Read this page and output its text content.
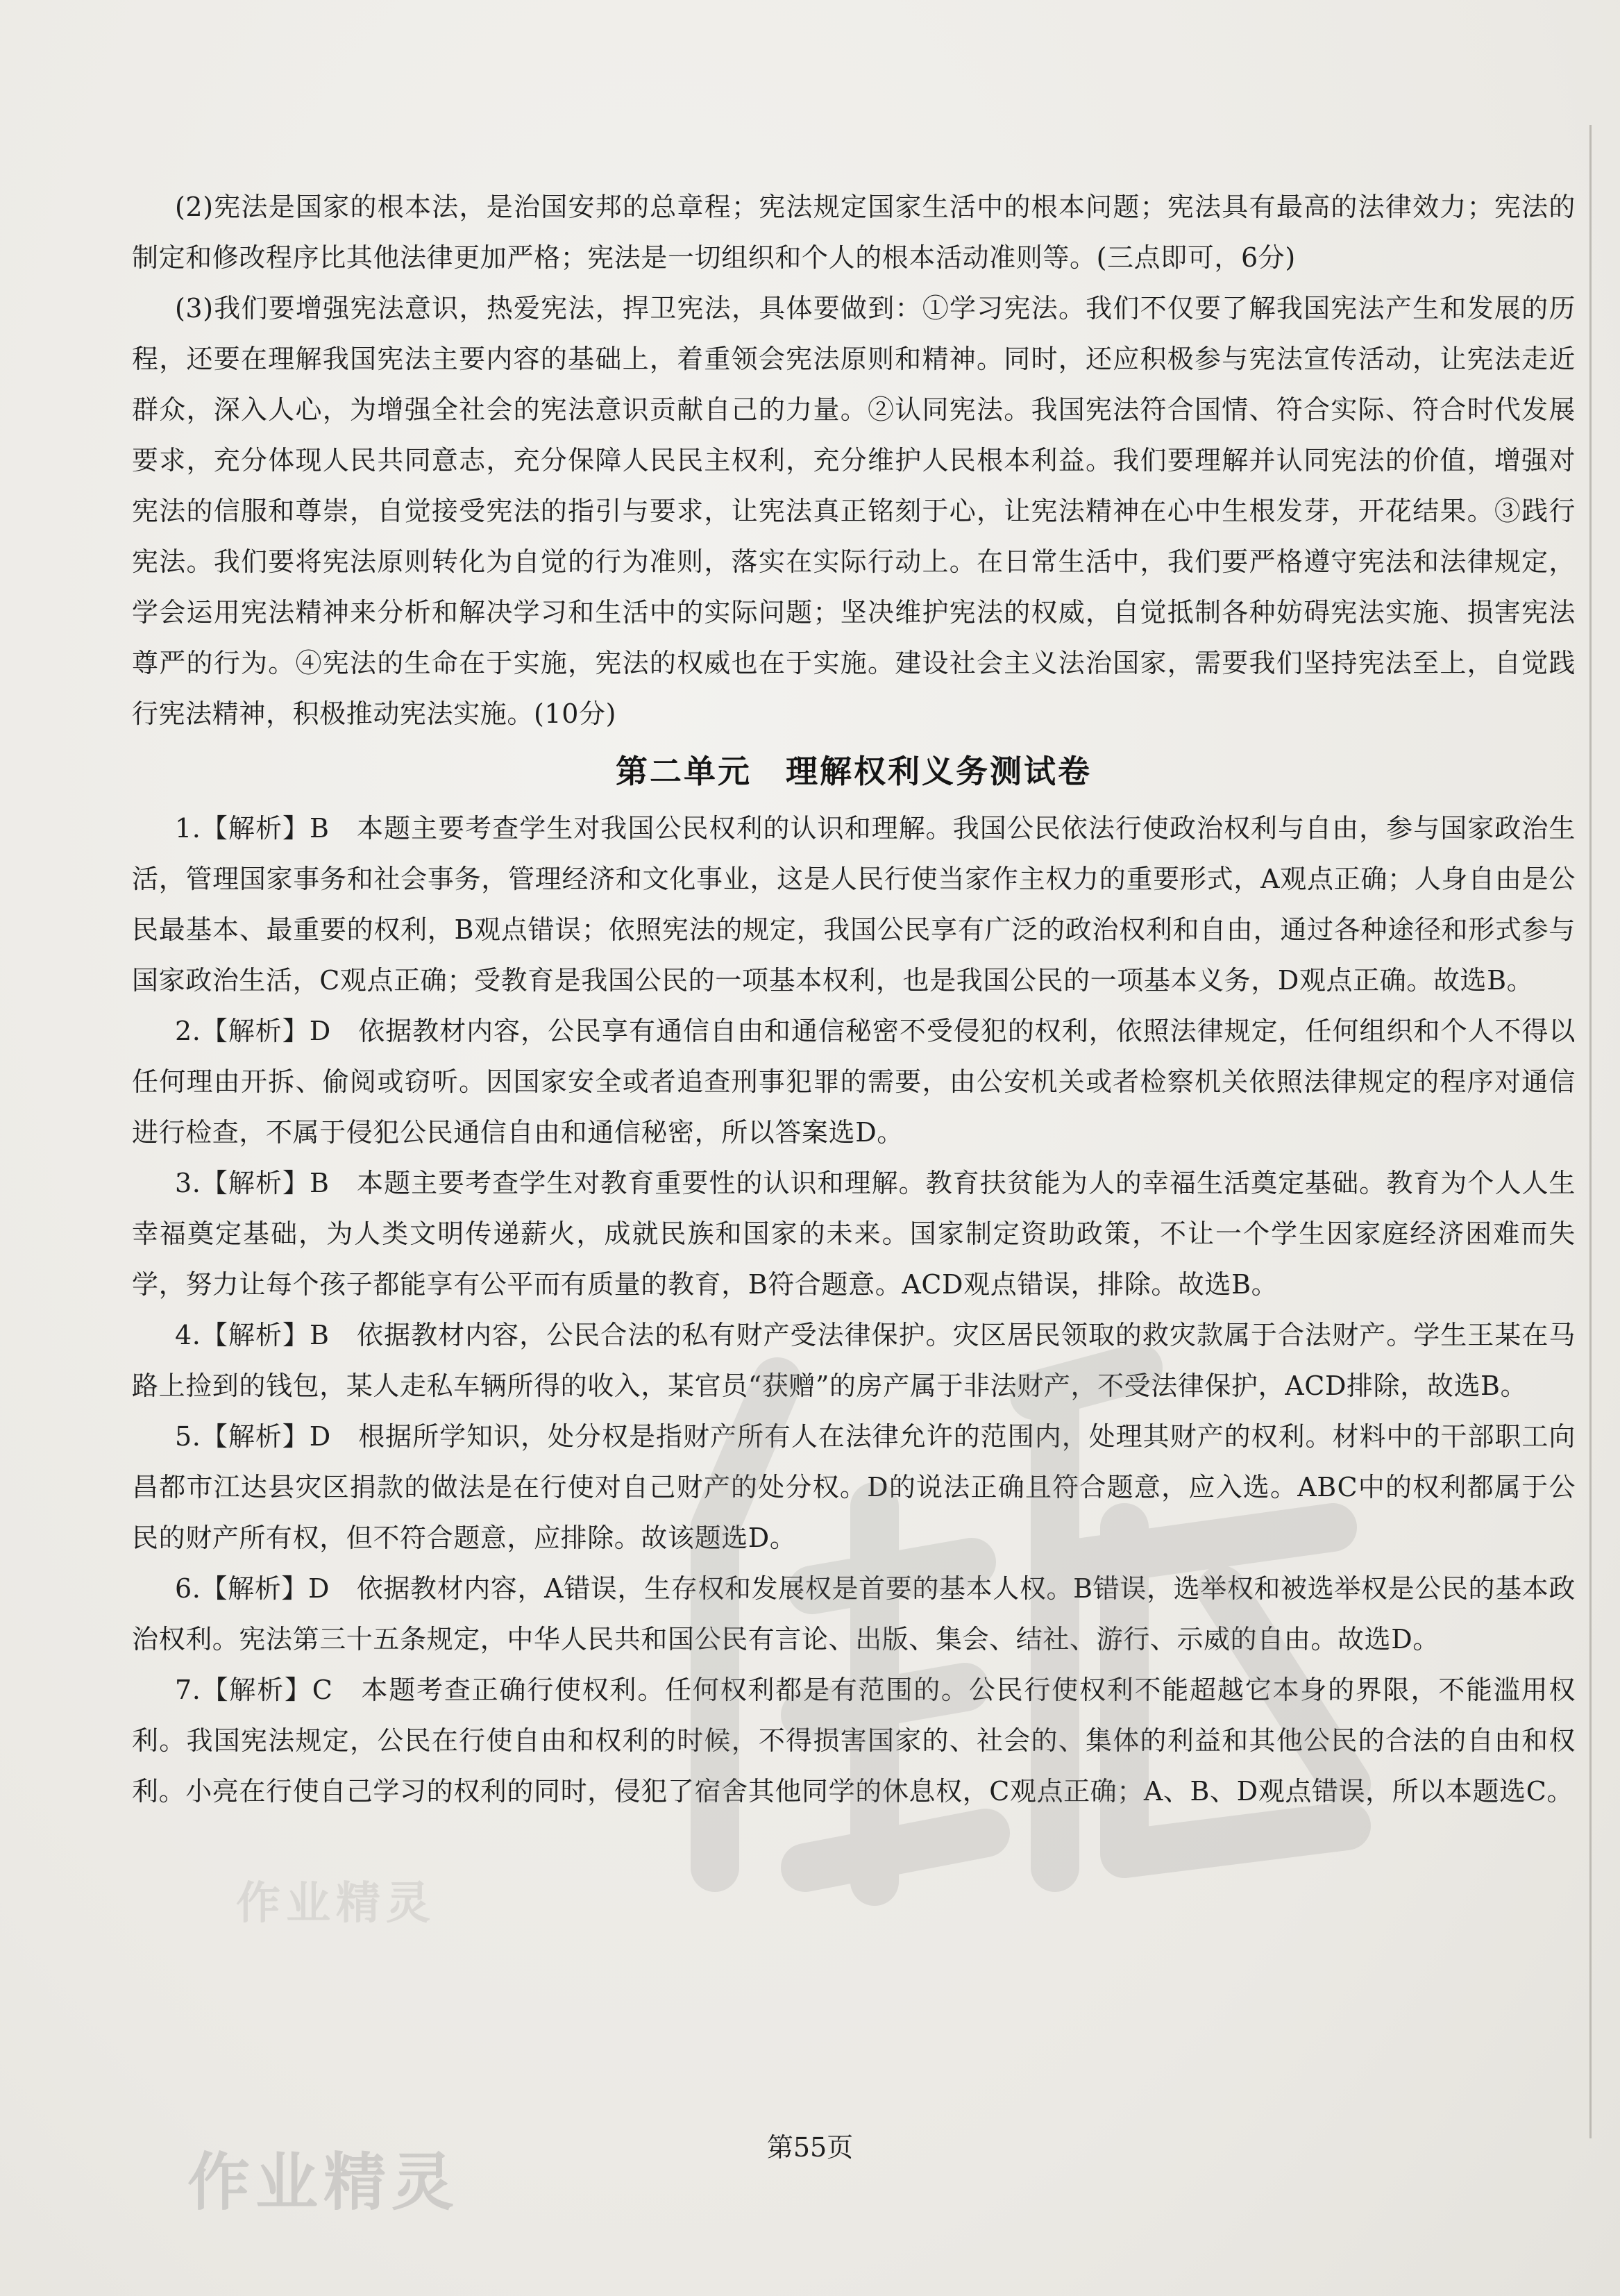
(2)宪法是国家的根本法，是治国安邦的总章程；宪法规定国家生活中的根本问题；宪法具有最高的法律效力；宪法的制定和修改程序比其他法律更加严格；宪法是一切组织和个人的根本活动准则等。(三点即可，6分)

(3)我们要增强宪法意识，热爱宪法，捍卫宪法，具体要做到：①学习宪法。我们不仅要了解我国宪法产生和发展的历程，还要在理解我国宪法主要内容的基础上，着重领会宪法原则和精神。同时，还应积极参与宪法宣传活动，让宪法走近群众，深入人心，为增强全社会的宪法意识贡献自己的力量。②认同宪法。我国宪法符合国情、符合实际、符合时代发展要求，充分体现人民共同意志，充分保障人民民主权利，充分维护人民根本利益。我们要理解并认同宪法的价值，增强对宪法的信服和尊崇，自觉接受宪法的指引与要求，让宪法真正铭刻于心，让宪法精神在心中生根发芽，开花结果。③践行宪法。我们要将宪法原则转化为自觉的行为准则，落实在实际行动上。在日常生活中，我们要严格遵守宪法和法律规定，学会运用宪法精神来分析和解决学习和生活中的实际问题；坚决维护宪法的权威，自觉抵制各种妨碍宪法实施、损害宪法尊严的行为。④宪法的生命在于实施，宪法的权威也在于实施。建设社会主义法治国家，需要我们坚持宪法至上，自觉践行宪法精神，积极推动宪法实施。(10分)

第二单元　理解权利义务测试卷

1.【解析】B　本题主要考查学生对我国公民权利的认识和理解。我国公民依法行使政治权利与自由，参与国家政治生活，管理国家事务和社会事务，管理经济和文化事业，这是人民行使当家作主权力的重要形式，A观点正确；人身自由是公民最基本、最重要的权利，B观点错误；依照宪法的规定，我国公民享有广泛的政治权利和自由，通过各种途径和形式参与国家政治生活，C观点正确；受教育是我国公民的一项基本权利，也是我国公民的一项基本义务，D观点正确。故选B。

2.【解析】D　依据教材内容，公民享有通信自由和通信秘密不受侵犯的权利，依照法律规定，任何组织和个人不得以任何理由开拆、偷阅或窃听。因国家安全或者追查刑事犯罪的需要，由公安机关或者检察机关依照法律规定的程序对通信进行检查，不属于侵犯公民通信自由和通信秘密，所以答案选D。

3.【解析】B　本题主要考查学生对教育重要性的认识和理解。教育扶贫能为人的幸福生活奠定基础。教育为个人人生幸福奠定基础，为人类文明传递薪火，成就民族和国家的未来。国家制定资助政策，不让一个学生因家庭经济困难而失学，努力让每个孩子都能享有公平而有质量的教育，B符合题意。ACD观点错误，排除。故选B。

4.【解析】B　依据教材内容，公民合法的私有财产受法律保护。灾区居民领取的救灾款属于合法财产。学生王某在马路上捡到的钱包，某人走私车辆所得的收入，某官员“获赠”的房产属于非法财产，不受法律保护，ACD排除，故选B。

5.【解析】D　根据所学知识，处分权是指财产所有人在法律允许的范围内，处理其财产的权利。材料中的干部职工向昌都市江达县灾区捐款的做法是在行使对自己财产的处分权。D的说法正确且符合题意，应入选。ABC中的权利都属于公民的财产所有权，但不符合题意，应排除。故该题选D。

6.【解析】D　依据教材内容，A错误，生存权和发展权是首要的基本人权。B错误，选举权和被选举权是公民的基本政治权利。宪法第三十五条规定，中华人民共和国公民有言论、出版、集会、结社、游行、示威的自由。故选D。

7.【解析】C　本题考查正确行使权利。任何权利都是有范围的。公民行使权利不能超越它本身的界限，不能滥用权利。我国宪法规定，公民在行使自由和权利的时候，不得损害国家的、社会的、集体的利益和其他公民的合法的自由和权利。小亮在行使自己学习的权利的同时，侵犯了宿舍其他同学的休息权，C观点正确；A、B、D观点错误，所以本题选C。

作业精灵
作业精灵	第55页
